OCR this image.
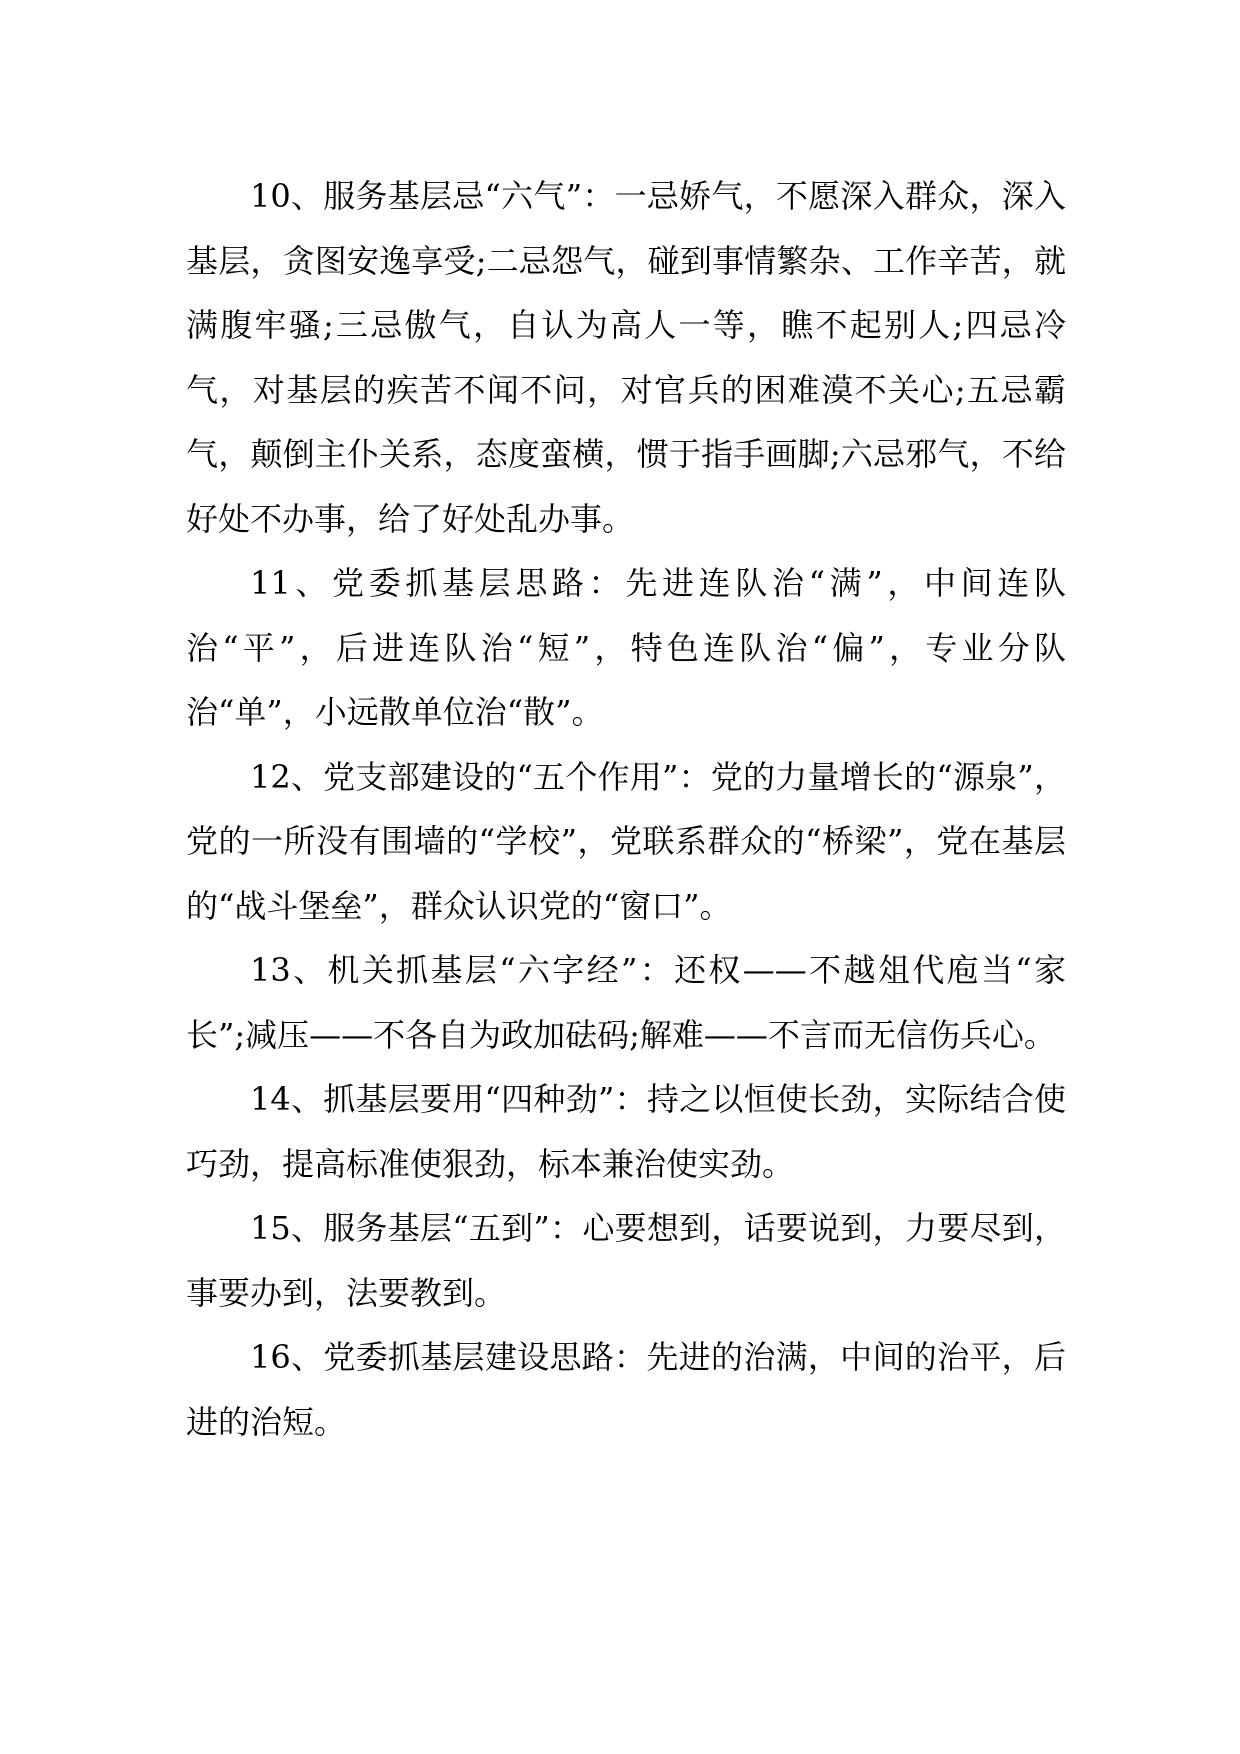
10、服务基层忌“六气”：一忌娇气，不愿深入群众，深入基层，贪图安逸享受;二忌怨气，碰到事情繁杂、工作辛苦，就满腹牢骚;三忌傲气，自认为高人一等，瞧不起别人;四忌冷气，对基层的疾苦不闻不问，对官兵的困难漠不关心;五忌霸气，颠倒主仆关系，态度蛮横，惯于指手画脚;六忌邪气，不给好处不办事，给了好处乱办事。

11、党委抓基层思路：先进连队治“满”，中间连队治“平”，后进连队治“短”，特色连队治“偏”，专业分队治“单”，小远散单位治“散”。

12、党支部建设的“五个作用”：党的力量增长的“源泉”，党的一所没有围墙的“学校”，党联系群众的“桥梁”，党在基层的“战斗堡垒”，群众认识党的“窗口”。

13、机关抓基层“六字经”：还权——不越俎代庖当“家长”;减压——不各自为政加砝码;解难——不言而无信伤兵心。

14、抓基层要用“四种劲”：持之以恒使长劲，实际结合使巧劲，提高标准使狠劲，标本兼治使实劲。

15、服务基层“五到”：心要想到，话要说到，力要尽到，事要办到，法要教到。

16、党委抓基层建设思路：先进的治满，中间的治平，后进的治短。
